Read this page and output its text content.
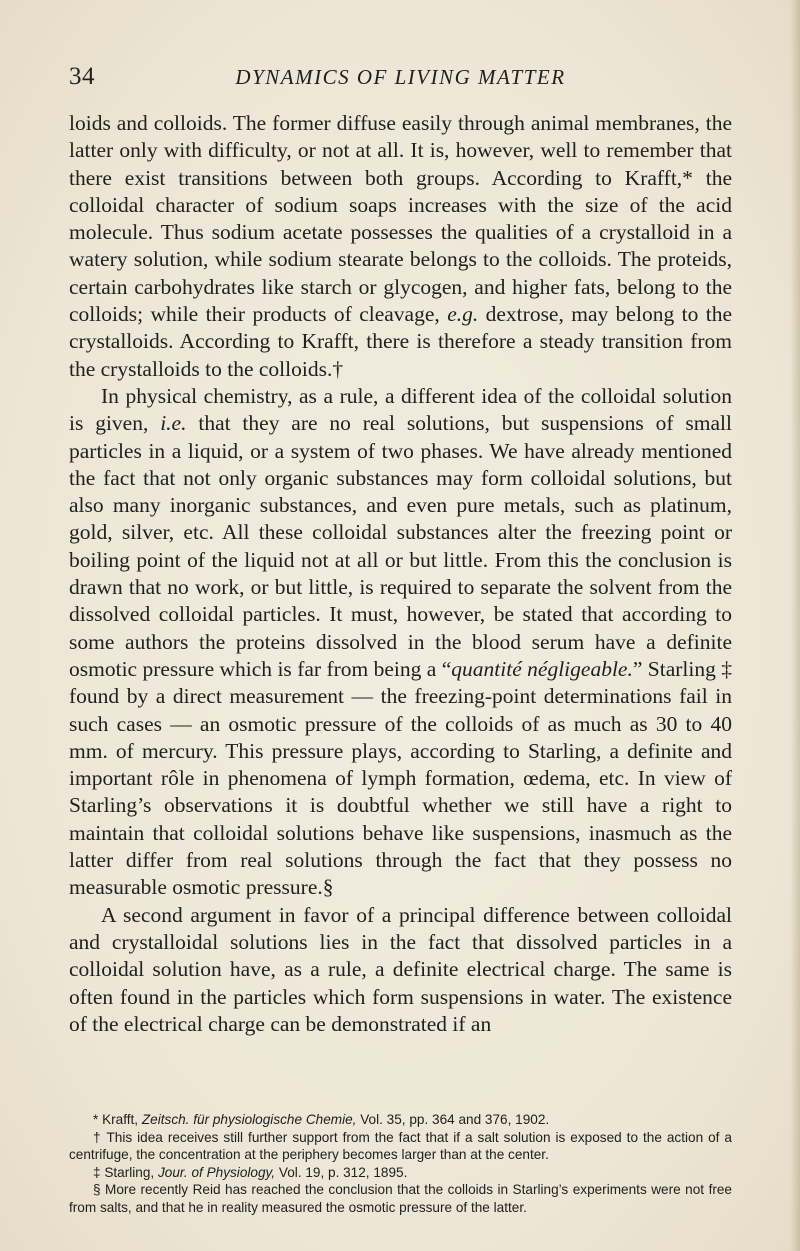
34	DYNAMICS OF LIVING MATTER

loids and colloids. The former diffuse easily through animal membranes, the latter only with difficulty, or not at all. It is, however, well to remember that there exist transitions between both groups. According to Krafft,* the colloidal character of sodium soaps increases with the size of the acid molecule. Thus sodium acetate possesses the qualities of a crystalloid in a watery solution, while sodium stearate belongs to the colloids. The proteids, certain carbohydrates like starch or glycogen, and higher fats, belong to the colloids; while their products of cleavage, e.g. dextrose, may belong to the crystalloids. According to Krafft, there is therefore a steady transition from the crystalloids to the colloids.†

In physical chemistry, as a rule, a different idea of the colloidal solution is given, i.e. that they are no real solutions, but suspensions of small particles in a liquid, or a system of two phases. We have already mentioned the fact that not only organic substances may form colloidal solutions, but also many inorganic substances, and even pure metals, such as platinum, gold, silver, etc. All these colloidal substances alter the freezing point or boiling point of the liquid not at all or but little. From this the conclusion is drawn that no work, or but little, is required to separate the solvent from the dissolved colloidal particles. It must, however, be stated that according to some authors the proteins dissolved in the blood serum have a definite osmotic pressure which is far from being a “quantité négligeable.” Starling ‡ found by a direct measurement — the freezing-point determinations fail in such cases — an osmotic pressure of the colloids of as much as 30 to 40 mm. of mercury. This pressure plays, according to Starling, a definite and important rôle in phenomena of lymph formation, œdema, etc. In view of Starling’s observations it is doubtful whether we still have a right to maintain that colloidal solutions behave like suspensions, inasmuch as the latter differ from real solutions through the fact that they possess no measurable osmotic pressure.§

A second argument in favor of a principal difference between colloidal and crystalloidal solutions lies in the fact that dissolved particles in a colloidal solution have, as a rule, a definite electrical charge. The same is often found in the particles which form suspensions in water. The existence of the electrical charge can be demonstrated if an

* Krafft, Zeitsch. für physiologische Chemie, Vol. 35, pp. 364 and 376, 1902.

† This idea receives still further support from the fact that if a salt solution is exposed to the action of a centrifuge, the concentration at the periphery becomes larger than at the center.

‡ Starling, Jour. of Physiology, Vol. 19, p. 312, 1895.

§ More recently Reid has reached the conclusion that the colloids in Starling’s experiments were not free from salts, and that he in reality measured the osmotic pressure of the latter.
